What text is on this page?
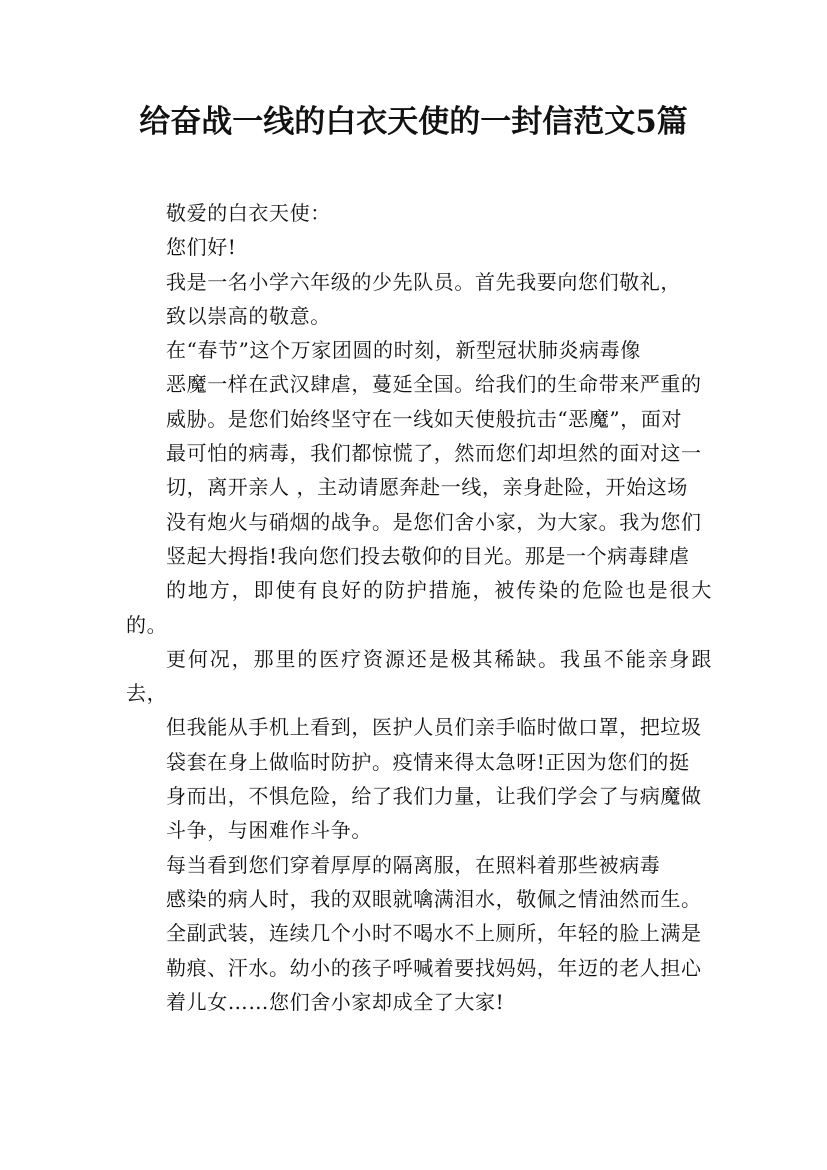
给奋战一线的白衣天使的一封信范文5篇

敬爱的白衣天使：

您们好!

我是一名小学六年级的少先队员。首先我要向您们敬礼，
致以崇高的敬意。

在“春节”这个万家团圆的时刻，新型冠状肺炎病毒像
恶魔一样在武汉肆虐，蔓延全国。给我们的生命带来严重的
威胁。是您们始终坚守在一线如天使般抗击“恶魔”，面对
最可怕的病毒，我们都惊慌了，然而您们却坦然的面对这一
切，离开亲人 ，主动请愿奔赴一线，亲身赴险，开始这场
没有炮火与硝烟的战争。是您们舍小家，为大家。我为您们
竖起大拇指!我向您们投去敬仰的目光。那是一个病毒肆虐
的地方，即使有良好的防护措施，被传染的危险也是很大的。
更何况，那里的医疗资源还是极其稀缺。我虽不能亲身跟去，
但我能从手机上看到，医护人员们亲手临时做口罩，把垃圾
袋套在身上做临时防护。疫情来得太急呀!正因为您们的挺
身而出，不惧危险，给了我们力量，让我们学会了与病魔做
斗争，与困难作斗争。

每当看到您们穿着厚厚的隔离服，在照料着那些被病毒
感染的病人时，我的双眼就噙满泪水，敬佩之情油然而生。
全副武装，连续几个小时不喝水不上厕所，年轻的脸上满是
勒痕、汗水。幼小的孩子呼喊着要找妈妈，年迈的老人担心
着儿女……您们舍小家却成全了大家!
